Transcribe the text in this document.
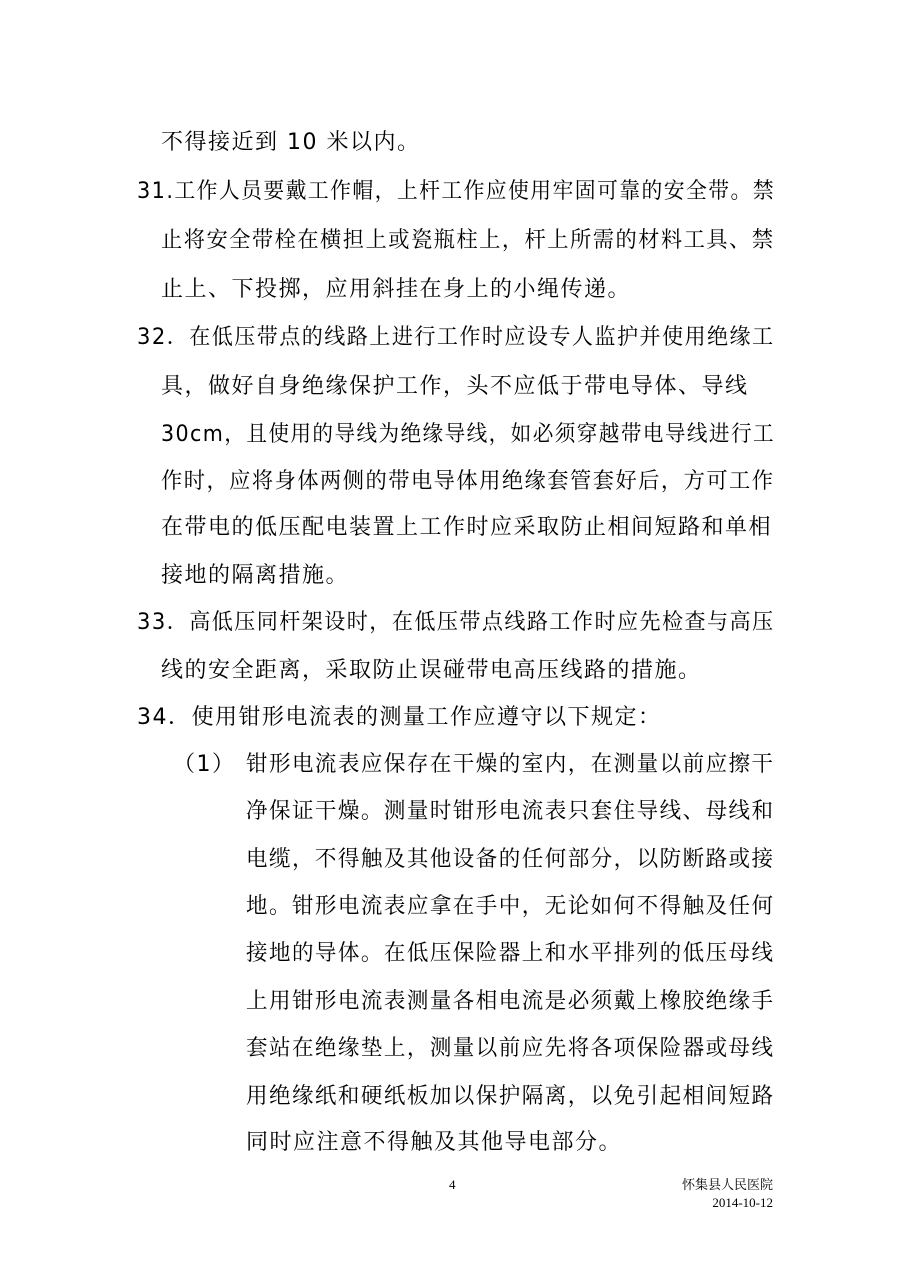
不得接近到 10 米以内。
31.工作人员要戴工作帽，上杆工作应使用牢固可靠的安全带。禁
止将安全带栓在横担上或瓷瓶柱上，杆上所需的材料工具、禁
止上、下投掷，应用斜挂在身上的小绳传递。
32．在低压带点的线路上进行工作时应设专人监护并使用绝缘工
具，做好自身绝缘保护工作，头不应低于带电导体、导线
30cm，且使用的导线为绝缘导线，如必须穿越带电导线进行工
作时，应将身体两侧的带电导体用绝缘套管套好后，方可工作
在带电的低压配电装置上工作时应采取防止相间短路和单相
接地的隔离措施。
33．高低压同杆架设时，在低压带点线路工作时应先检查与高压
线的安全距离，采取防止误碰带电高压线路的措施。
34．使用钳形电流表的测量工作应遵守以下规定：
（1） 钳形电流表应保存在干燥的室内，在测量以前应擦干
净保证干燥。测量时钳形电流表只套住导线、母线和
电缆，不得触及其他设备的任何部分，以防断路或接
地。钳形电流表应拿在手中，无论如何不得触及任何
接地的导体。在低压保险器上和水平排列的低压母线
上用钳形电流表测量各相电流是必须戴上橡胶绝缘手
套站在绝缘垫上，测量以前应先将各项保险器或母线
用绝缘纸和硬纸板加以保护隔离，以免引起相间短路
同时应注意不得触及其他导电部分。
4	怀集县人民医院
2014-10-12
